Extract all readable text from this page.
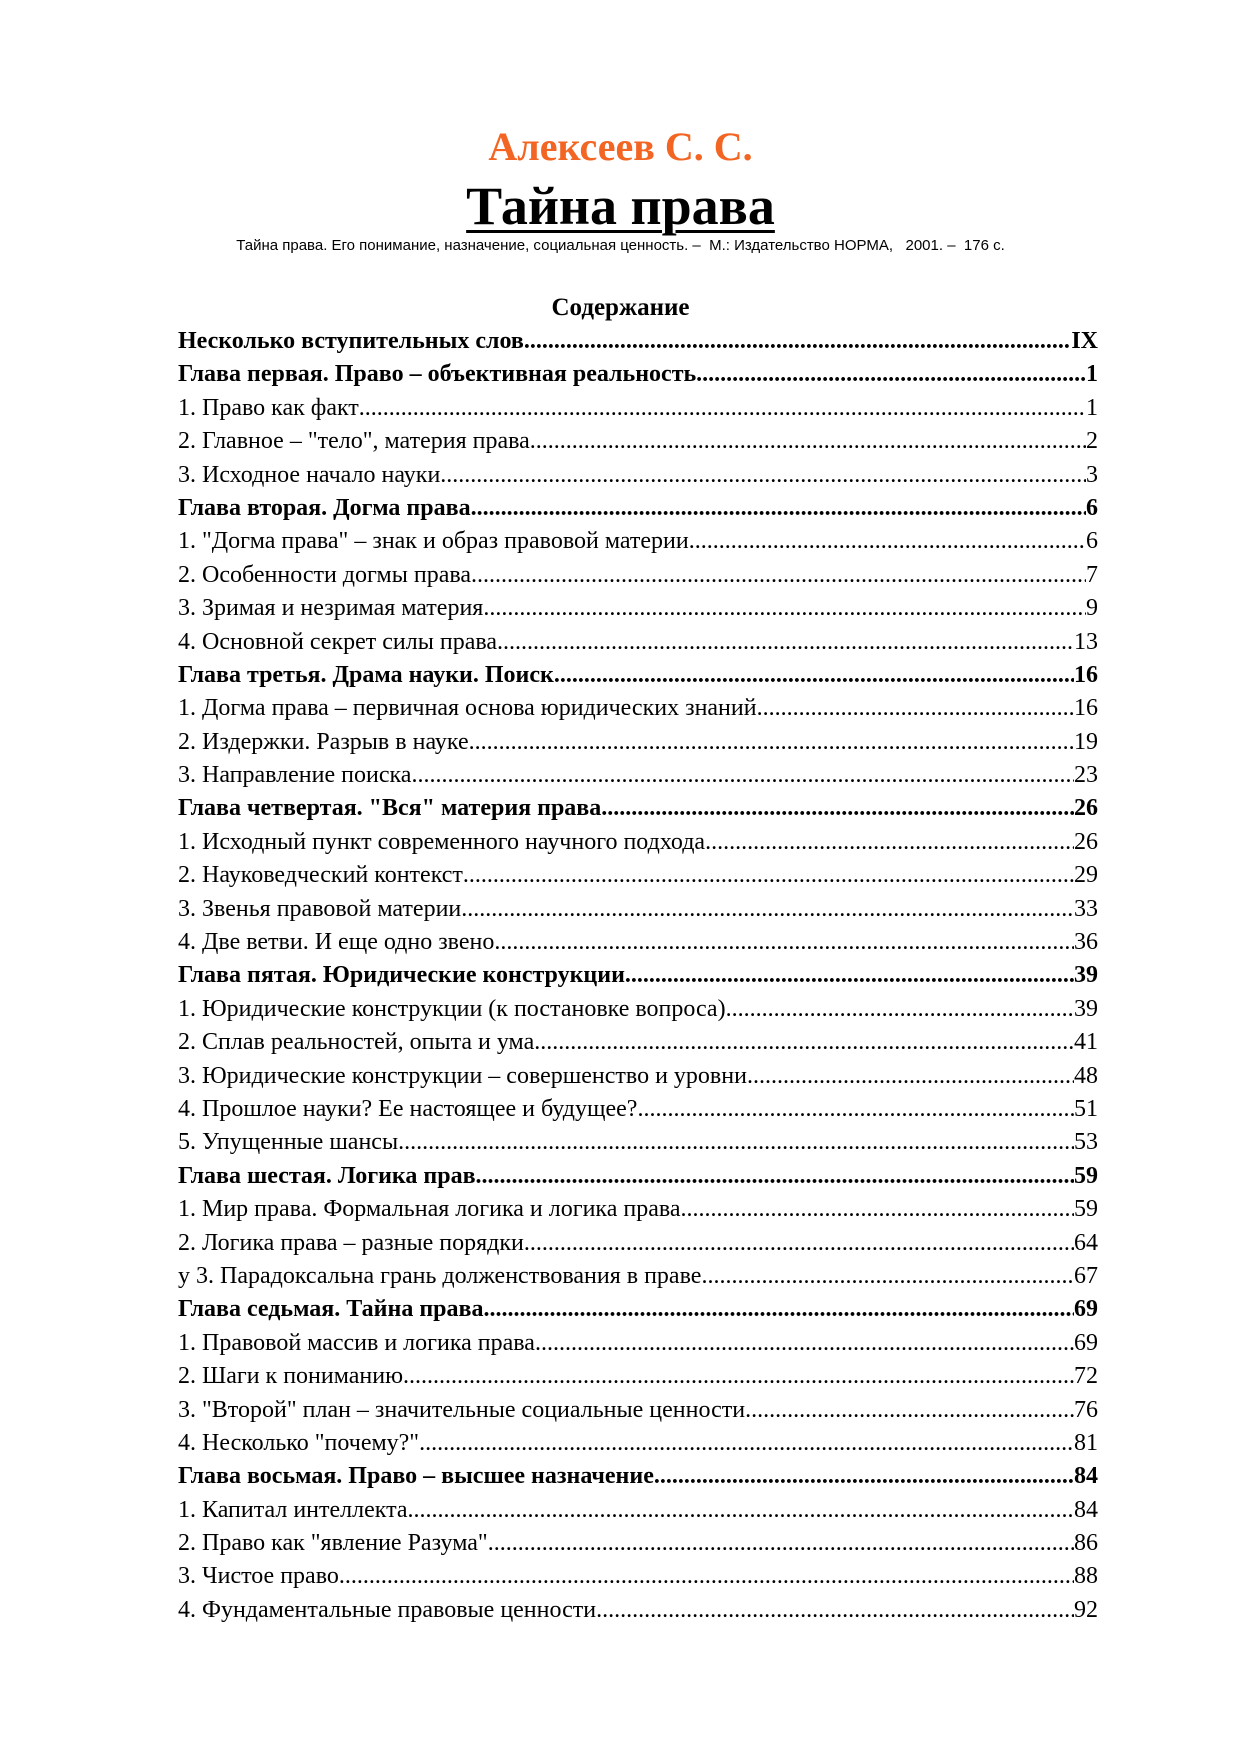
Алексеев С. С.
Тайна права
Тайна права. Его понимание, назначение, социальная ценность. –  М.: Издательство НОРМА,   2001. –  176 с.
Содержание
Несколько вступительных слов .....	IX
Глава первая. Право – объективная реальность .....	1
1. Право как факт .....	1
2. Главное – "тело", материя права .....	2
3. Исходное начало науки .....	3
Глава вторая. Догма права .....	6
1. "Догма права" – знак и образ правовой материи .....	6
2. Особенности догмы права .....	7
3. Зримая и незримая материя .....	9
4. Основной секрет силы права .....	13
Глава третья. Драма науки. Поиск .....	16
1. Догма права – первичная основа юридических знаний .....	16
2. Издержки. Разрыв в науке .....	19
3. Направление поиска .....	23
Глава четвертая. "Вся" материя права .....	26
1. Исходный пункт современного научного подхода .....	26
2. Науковедческий контекст .....	29
3. Звенья правовой материи .....	33
4. Две ветви. И еще одно звено .....	36
Глава пятая. Юридические конструкции .....	39
1. Юридические конструкции (к постановке вопроса) .....	39
2. Сплав реальностей, опыта и ума .....	41
3. Юридические конструкции – совершенство и уровни .....	48
4. Прошлое науки? Ее настоящее и будущее? .....	51
5. Упущенные шансы .....	53
Глава шестая. Логика прав .....	59
1. Мир права. Формальная логика и логика права .....	59
2. Логика права – разные порядки .....	64
у 3. Парадоксальна грань долженствования в праве .....	67
Глава седьмая. Тайна права .....	69
1. Правовой массив и логика права .....	69
2. Шаги к пониманию .....	72
3. "Второй" план – значительные социальные ценности .....	76
4. Несколько "почему?" .....	81
Глава восьмая. Право – высшее назначение .....	84
1. Капитал интеллекта .....	84
2. Право как "явление Разума" .....	86
3. Чистое право .....	88
4. Фундаментальные правовые ценности .....	92
